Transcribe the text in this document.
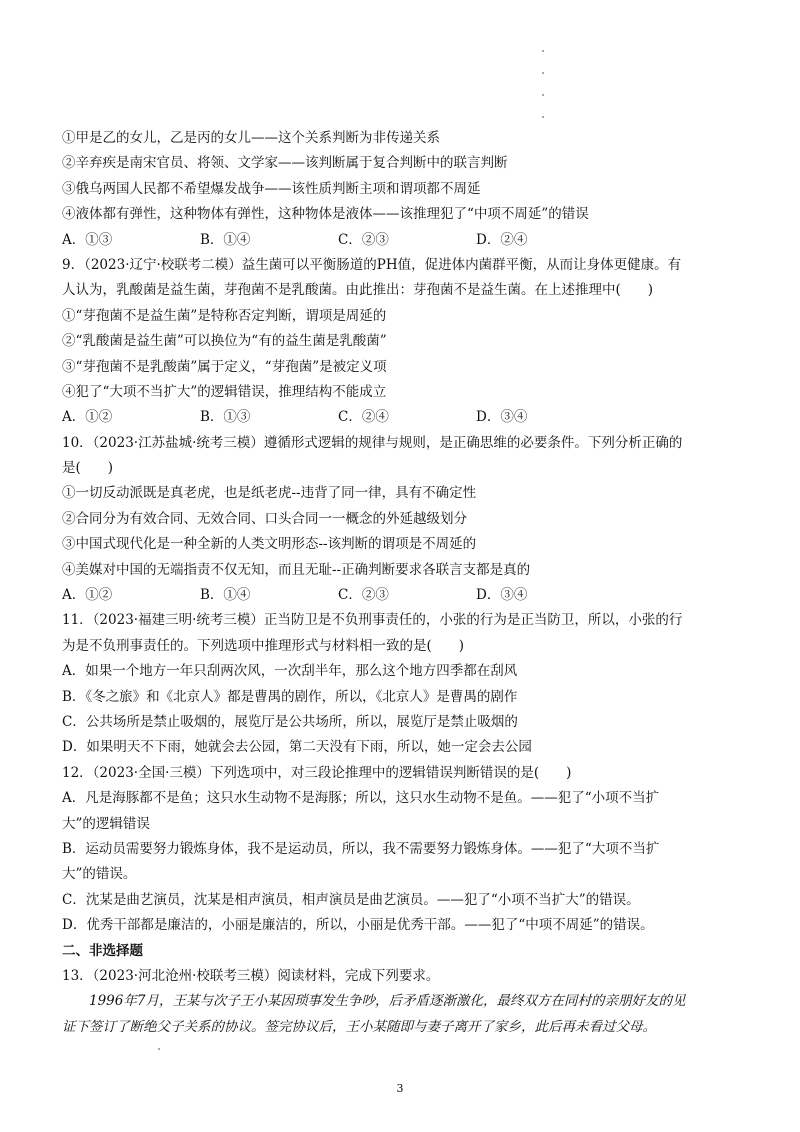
①甲是乙的女儿，乙是丙的女儿——这个关系判断为非传递关系
②辛弃疾是南宋官员、将领、文学家——该判断属于复合判断中的联言判断
③俄乌两国人民都不希望爆发战争——该性质判断主项和谓项都不周延
④液体都有弹性，这种物体有弹性，这种物体是液体——该推理犯了“中项不周延”的错误
A．①③	B．①④	C．②③	D．②④
9．（2023·辽宁·校联考二模）益生菌可以平衡肠道的PH值，促进体内菌群平衡，从而让身体更健康。有
人认为，乳酸菌是益生菌，芽孢菌不是乳酸菌。由此推出：芽孢菌不是益生菌。在上述推理中(　　)
①“芽孢菌不是益生菌”是特称否定判断，谓项是周延的
②“乳酸菌是益生菌”可以换位为“有的益生菌是乳酸菌”
③“芽孢菌不是乳酸菌”属于定义，“芽孢菌”是被定义项
④犯了“大项不当扩大”的逻辑错误，推理结构不能成立
A．①②	B．①③	C．②④	D．③④
10．（2023·江苏盐城·统考三模）遵循形式逻辑的规律与规则，是正确思维的必要条件。下列分析正确的
是(　　)
①一切反动派既是真老虎，也是纸老虎--违背了同一律，具有不确定性
②合同分为有效合同、无效合同、口头合同一一概念的外延越级划分
③中国式现代化是一种全新的人类文明形态--该判断的谓项是不周延的
④美媒对中国的无端指责不仅无知，而且无耻--正确判断要求各联言支都是真的
A．①②	B．①④	C．②③	D．③④
11．（2023·福建三明·统考三模）正当防卫是不负刑事责任的，小张的行为是正当防卫，所以，小张的行
为是不负刑事责任的。下列选项中推理形式与材料相一致的是(　　)
A．如果一个地方一年只刮两次风，一次刮半年，那么这个地方四季都在刮风
B．《冬之旅》和《北京人》都是曹禺的剧作，所以，《北京人》是曹禺的剧作
C．公共场所是禁止吸烟的，展览厅是公共场所，所以，展览厅是禁止吸烟的
D．如果明天不下雨，她就会去公园，第二天没有下雨，所以，她一定会去公园
12．（2023·全国·三模）下列选项中，对三段论推理中的逻辑错误判断错误的是(　　)
A．凡是海豚都不是鱼；这只水生动物不是海豚；所以，这只水生动物不是鱼。——犯了“小项不当扩
大”的逻辑错误
B．运动员需要努力锻炼身体，我不是运动员，所以，我不需要努力锻炼身体。——犯了“大项不当扩
大”的错误。
C．沈某是曲艺演员，沈某是相声演员，相声演员是曲艺演员。——犯了“小项不当扩大”的错误。
D．优秀干部都是廉洁的，小丽是廉洁的，所以，小丽是优秀干部。——犯了“中项不周延”的错误。
二、非选择题
13．（2023·河北沧州·校联考三模）阅读材料，完成下列要求。
1996年7月，王某与次子王小某因琐事发生争吵，后矛盾逐渐激化，最终双方在同村的亲朋好友的见
证下签订了断绝父子关系的协议。签完协议后，王小某随即与妻子离开了家乡，此后再未看过父母。
3
